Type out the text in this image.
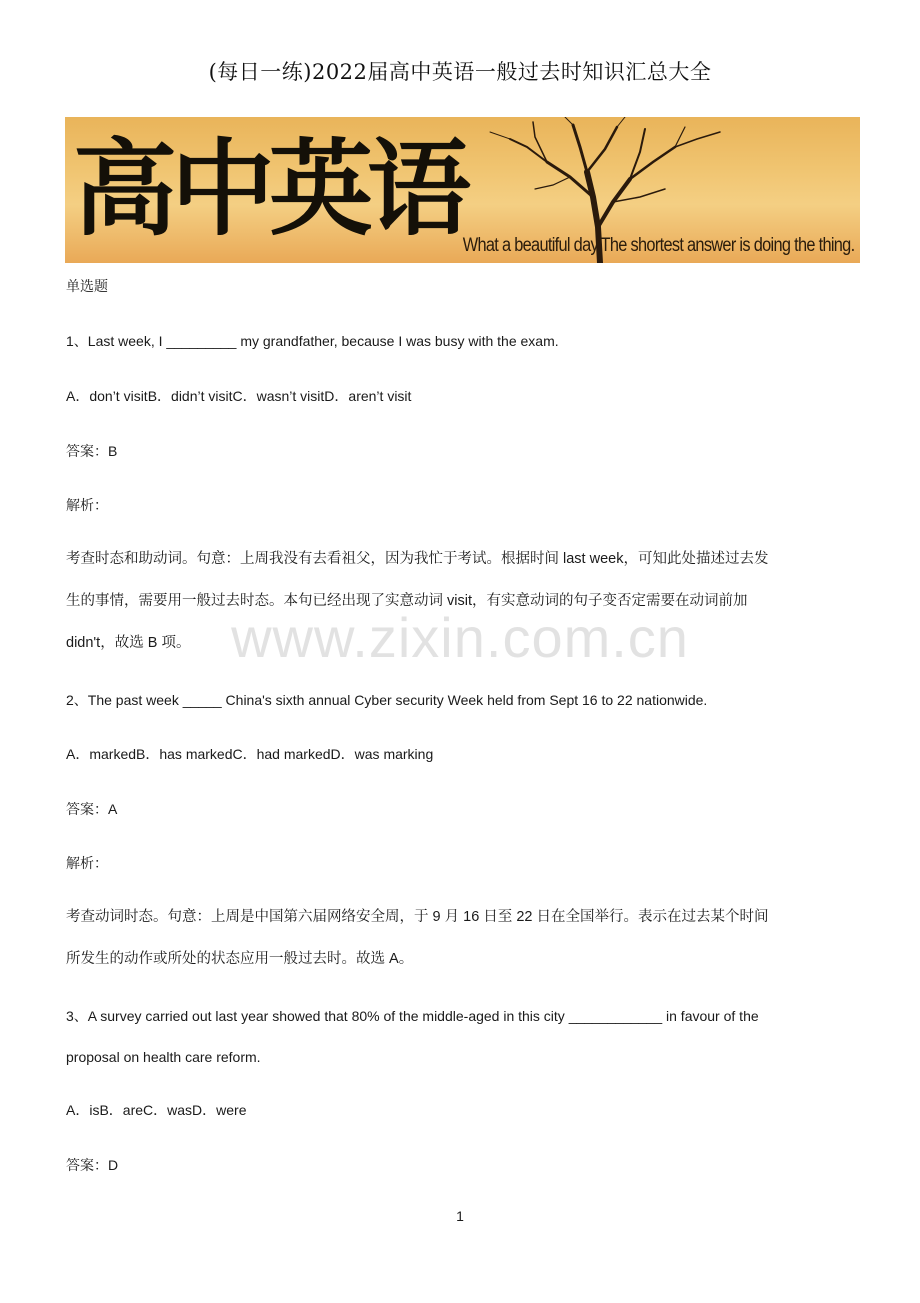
(每日一练)2022届高中英语一般过去时知识汇总大全
高中英语
What a beautiful day.The shortest answer is doing the thing.
单选题
1、Last week, I _________ my grandfather, because I was busy with the exam.
A．don’t visitB．didn’t visitC．wasn’t visitD．aren’t visit
答案：B
解析：
考查时态和助动词。句意：上周我没有去看祖父，因为我忙于考试。根据时间 last week，可知此处描述过去发
生的事情，需要用一般过去时态。本句已经出现了实意动词 visit，有实意动词的句子变否定需要在动词前加
didn't，故选 B 项。
2、The past week _____ China's sixth annual Cyber security Week held from Sept 16 to 22 nationwide.
A．markedB．has markedC．had markedD．was marking
答案：A
解析：
考查动词时态。句意：上周是中国第六届网络安全周，于 9 月 16 日至 22 日在全国举行。表示在过去某个时间
所发生的动作或所处的状态应用一般过去时。故选 A。
3、A survey carried out last year showed that 80% of the middle-aged in this city ____________ in favour of the
proposal on health care reform.
A．isB．areC．wasD．were
答案：D
www.zixin.com.cn
1
